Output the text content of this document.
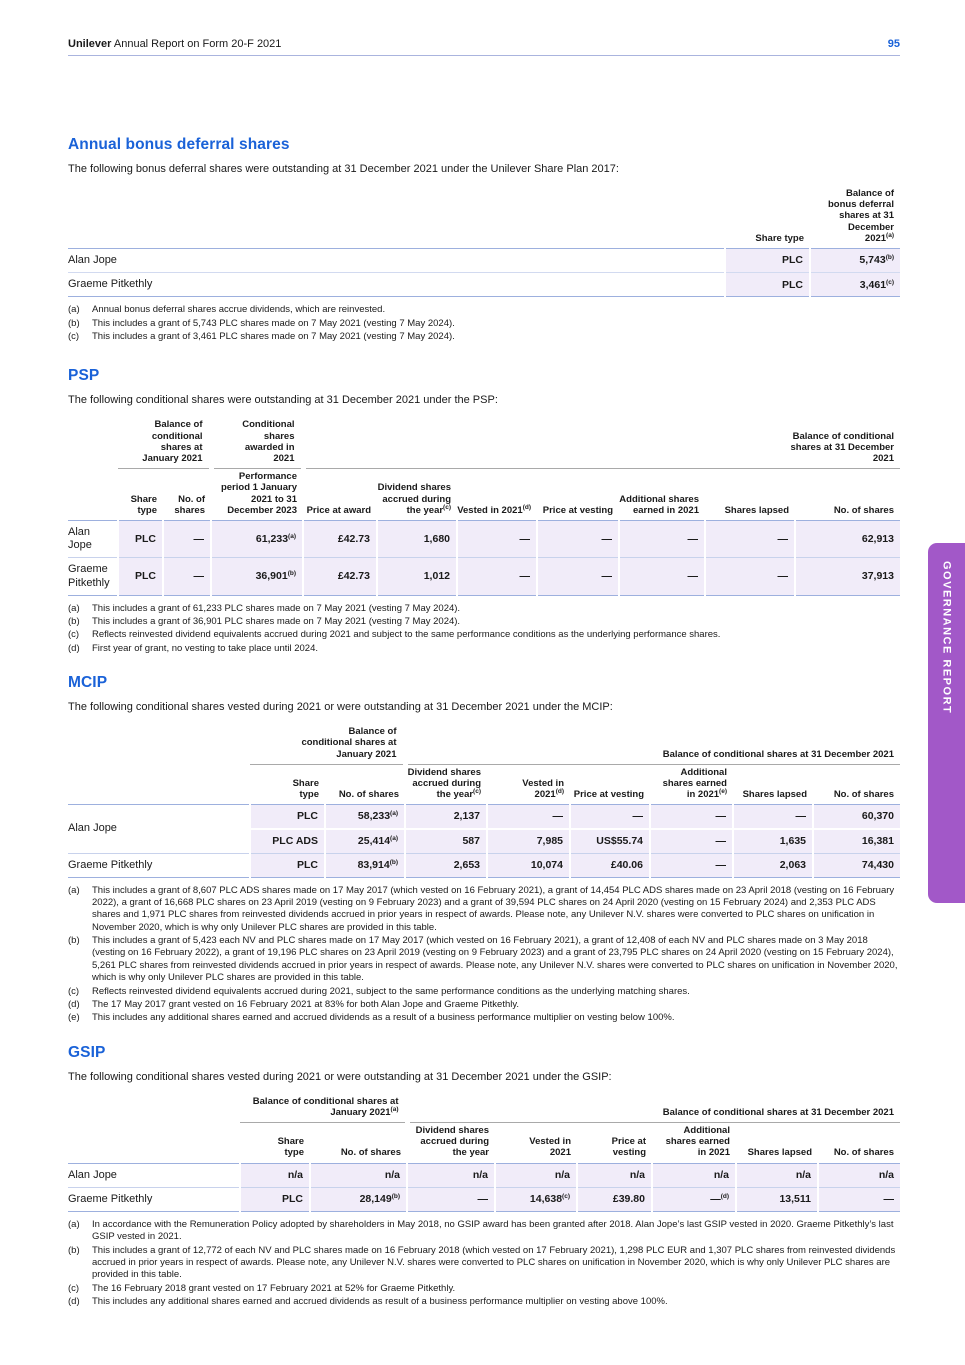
Unilever Annual Report on Form 20-F 2021	95
Annual bonus deferral shares

The following bonus deferral shares were outstanding at 31 December 2021 under the Unilever Share Plan 2017:

	Share type	Balance of bonus deferral shares at 31 December 2021$^{(a)}$
Alan Jope	PLC	5,743$^{(b)}$
Graeme Pitkethly	PLC	3,461$^{(c)}$
(a)	Annual bonus deferral shares accrue dividends, which are reinvested.
(b)	This includes a grant of 5,743 PLC shares made on 7 May 2021 (vesting 7 May 2024).
(c)	This includes a grant of 3,461 PLC shares made on 7 May 2021 (vesting 7 May 2024).
PSP

The following conditional shares were outstanding at 31 December 2021 under the PSP:

	Balance of conditional shares at January 2021		Conditional shares awarded in 2021	Balance of conditional shares at 31 December 2021						
	Share type	No. of shares	Performance period 1 January 2021 to 31 December 2023	Price at award	Dividend shares accrued during the year$^{(c)}$	Vested in 2021$^{(d)}$	Price at vesting	Additional shares earned in 2021	Shares lapsed	No. of shares
Alan Jope	PLC	—	61,233$^{(a)}$	£42.73	1,680	—	—	—	—	62,913
Graeme Pitkethly	PLC	—	36,901$^{(b)}$	£42.73	1,012	—	—	—	—	37,913
(a)	This includes a grant of 61,233 PLC shares made on 7 May 2021 (vesting 7 May 2024).
(b)	This includes a grant of 36,901 PLC shares made on 7 May 2021 (vesting 7 May 2024).
(c)	Reflects reinvested dividend equivalents accrued during 2021 and subject to the same performance conditions as the underlying performance shares.
(d)	First year of grant, no vesting to take place until 2024.
MCIP

The following conditional shares vested during 2021 or were outstanding at 31 December 2021 under the MCIP:

	Balance of conditional shares at January 2021		Balance of conditional shares at 31 December 2021					
	Share type	No. of shares	Dividend shares accrued during the year$^{(c)}$	Vested in 2021$^{(d)}$	Price at vesting	Additional shares earned in 2021$^{(e)}$	Shares lapsed	No. of shares
Alan Jope	PLC	58,233$^{(a)}$	2,137	—	—	—	—	60,370
	PLC ADS	25,414$^{(a)}$	587	7,985	US$55.74	—	1,635	16,381
Graeme Pitkethly	PLC	83,914$^{(b)}$	2,653	10,074	£40.06	—	2,063	74,430
(a)	This includes a grant of 8,607 PLC ADS shares made on 17 May 2017 (which vested on 16 February 2021), a grant of 14,454 PLC ADS shares made on 23 April 2018 (vesting on 16 February 2022), a grant of 16,668 PLC shares on 23 April 2019 (vesting on 9 February 2023) and a grant of 39,594 PLC shares on 24 April 2020 (vesting on 15 February 2024) and 2,353 PLC ADS shares and 1,971 PLC shares from reinvested dividends accrued in prior years in respect of awards. Please note, any Unilever N.V. shares were converted to PLC shares on unification in November 2020, which is why only Unilever PLC shares are provided in this table.
(b)	This includes a grant of 5,423 each NV and PLC shares made on 17 May 2017 (which vested on 16 February 2021), a grant of 12,408 of each NV and PLC shares made on 3 May 2018 (vesting on 16 February 2022), a grant of 19,196 PLC shares on 23 April 2019 (vesting on 9 February 2023) and a grant of 23,795 PLC shares on 24 April 2020 (vesting on 15 February 2024), 5,261 PLC shares from reinvested dividends accrued in prior years in respect of awards. Please note, any Unilever N.V. shares were converted to PLC shares on unification in November 2020, which is why only Unilever PLC shares are provided in this table.
(c)	Reflects reinvested dividend equivalents accrued during 2021, subject to the same performance conditions as the underlying matching shares.
(d)	The 17 May 2017 grant vested on 16 February 2021 at 83% for both Alan Jope and Graeme Pitkethly.
(e)	This includes any additional shares earned and accrued dividends as a result of a business performance multiplier on vesting below 100%.
GSIP

The following conditional shares vested during 2021 or were outstanding at 31 December 2021 under the GSIP:

	Balance of conditional shares at January 2021$^{(a)}$		Balance of conditional shares at 31 December 2021					
	Share type	No. of shares	Dividend shares accrued during the year	Vested in 2021	Price at vesting	Additional shares earned in 2021	Shares lapsed	No. of shares
Alan Jope	n/a	n/a	n/a	n/a	n/a	n/a	n/a	n/a
Graeme Pitkethly	PLC	28,149$^{(b)}$	—	14,638$^{(c)}$	£39.80	—$^{(d)}$	13,511	—
(a)	In accordance with the Remuneration Policy adopted by shareholders in May 2018, no GSIP award has been granted after 2018. Alan Jope’s last GSIP vested in 2020. Graeme Pitkethly’s last GSIP vested in 2021.
(b)	This includes a grant of 12,772 of each NV and PLC shares made on 16 February 2018 (which vested on 17 February 2021), 1,298 PLC EUR and 1,307 PLC shares from reinvested dividends accrued in prior years in respect of awards. Please note, any Unilever N.V. shares were converted to PLC shares on unification in November 2020, which is why only Unilever PLC shares are provided in this table.
(c)	The 16 February 2018 grant vested on 17 February 2021 at 52% for Graeme Pitkethly.
(d)	This includes any additional shares earned and accrued dividends as result of a business performance multiplier on vesting above 100%.
GOVERNANCE REPORT
